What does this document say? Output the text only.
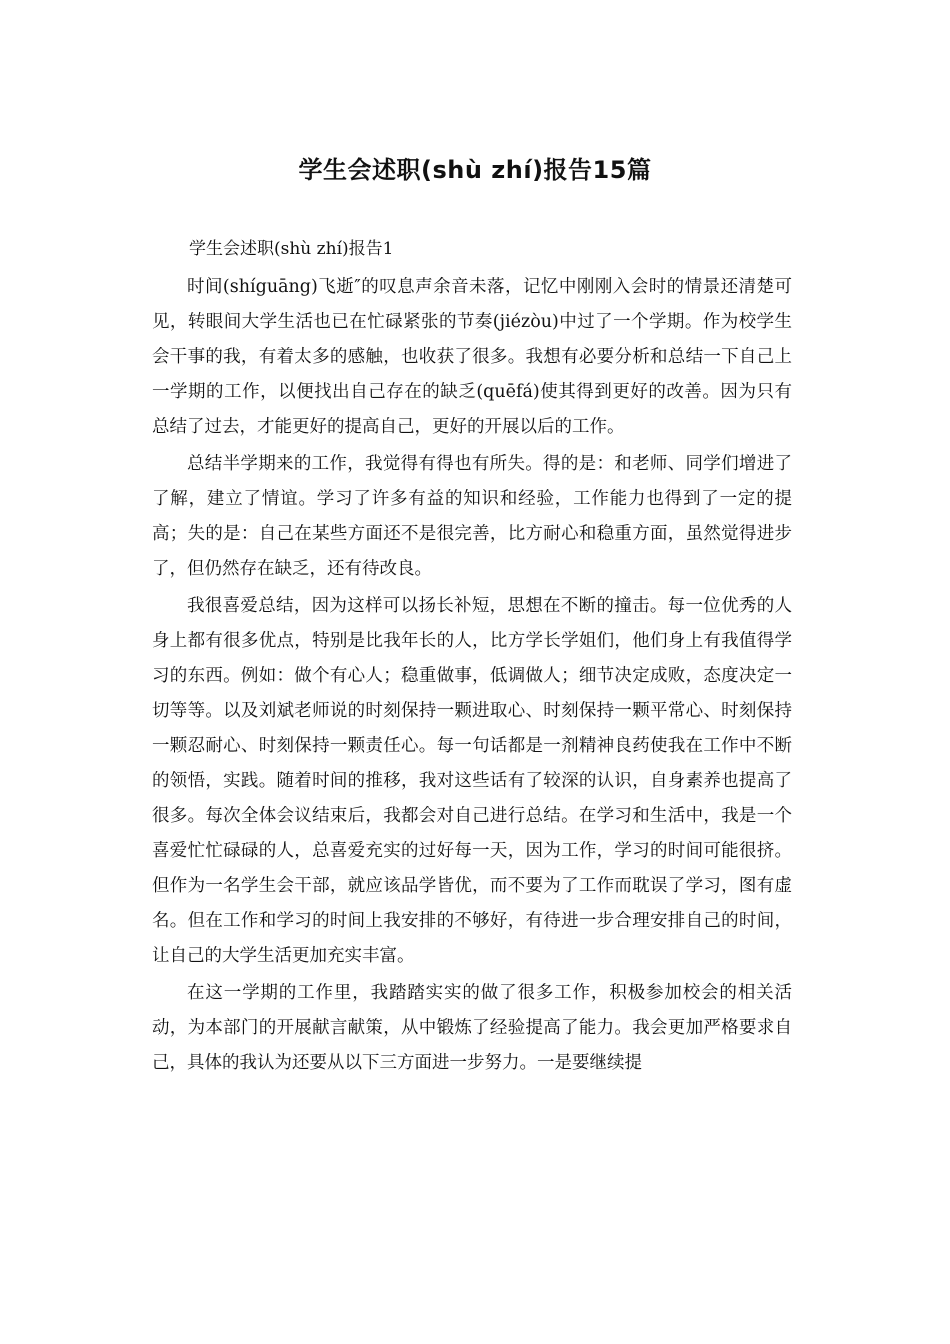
学生会述职(shù zhí)报告15篇
学生会述职(shù zhí)报告1

时间(shíguāng)飞逝″的叹息声余音未落，记忆中刚刚入会时的情景还清楚可见，转眼间大学生活也已在忙碌紧张的节奏(jiézòu)中过了一个学期。作为校学生会干事的我，有着太多的感触，也收获了很多。我想有必要分析和总结一下自己上一学期的工作，以便找出自己存在的缺乏(quēfá)使其得到更好的改善。因为只有总结了过去，才能更好的提高自己，更好的开展以后的工作。

总结半学期来的工作，我觉得有得也有所失。得的是：和老师、同学们增进了了解，建立了情谊。学习了许多有益的知识和经验，工作能力也得到了一定的提高；失的是：自己在某些方面还不是很完善，比方耐心和稳重方面，虽然觉得进步了，但仍然存在缺乏，还有待改良。

我很喜爱总结，因为这样可以扬长补短，思想在不断的撞击。每一位优秀的人身上都有很多优点，特别是比我年长的人，比方学长学姐们，他们身上有我值得学习的东西。例如：做个有心人；稳重做事，低调做人；细节决定成败，态度决定一切等等。以及刘斌老师说的时刻保持一颗进取心、时刻保持一颗平常心、时刻保持一颗忍耐心、时刻保持一颗责任心。每一句话都是一剂精神良药使我在工作中不断的领悟，实践。随着时间的推移，我对这些话有了较深的认识，自身素养也提高了很多。每次全体会议结束后，我都会对自己进行总结。在学习和生活中，我是一个喜爱忙忙碌碌的人，总喜爱充实的过好每一天，因为工作，学习的时间可能很挤。但作为一名学生会干部，就应该品学皆优，而不要为了工作而耽误了学习，图有虚名。但在工作和学习的时间上我安排的不够好，有待进一步合理安排自己的时间，让自己的大学生活更加充实丰富。

在这一学期的工作里，我踏踏实实的做了很多工作，积极参加校会的相关活动，为本部门的开展献言献策，从中锻炼了经验提高了能力。我会更加严格要求自己，具体的我认为还要从以下三方面进一步努力。一是要继续提
